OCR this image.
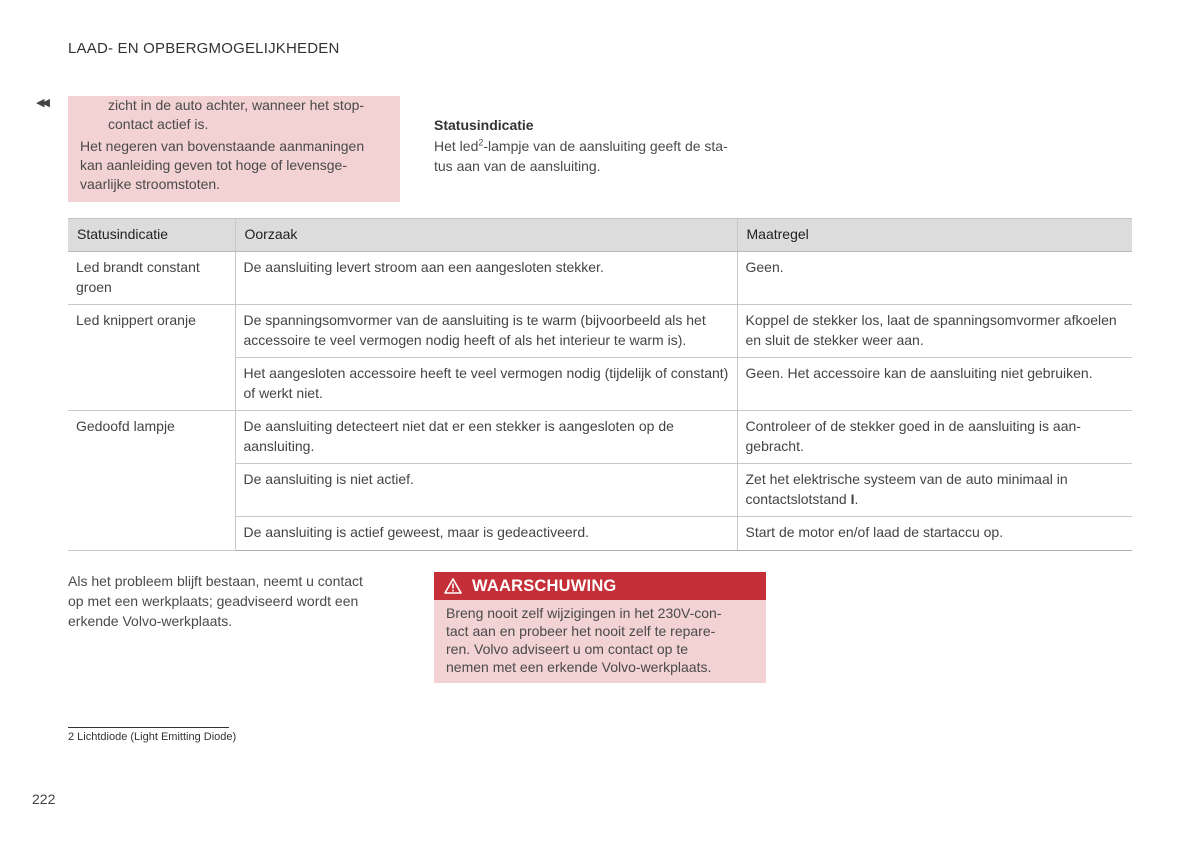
LAAD- EN OPBERGMOGELIJKHEDEN
◀◀	zicht in de auto achter, wanneer het stop-
contact actief is.
Het negeren van bovenstaande aanmaningen
kan aanleiding geven tot hoge of levensge-
vaarlijke stroomstoten.
Statusindicatie
Het led$^2$-lampje van de aansluiting geeft de sta-
tus aan van de aansluiting.
Statusindicatie	Oorzaak	Maatregel
Led brandt constant groen	De aansluiting levert stroom aan een aangesloten stekker.	Geen.
Led knippert oranje	De spanningsomvormer van de aansluiting is te warm (bijvoorbeeld als het accessoire te veel vermogen nodig heeft of als het interieur te warm is).	Koppel de stekker los, laat de spanningsomvormer afkoelen en sluit de stekker weer aan.
	Het aangesloten accessoire heeft te veel vermogen nodig (tijdelijk of constant) of werkt niet.	Geen. Het accessoire kan de aansluiting niet gebruiken.
Gedoofd lampje	De aansluiting detecteert niet dat er een stekker is aangesloten op de aansluiting.	Controleer of de stekker goed in de aansluiting is aan-gebracht.
	De aansluiting is niet actief.	Zet het elektrische systeem van de auto minimaal in contactslotstand I.
	De aansluiting is actief geweest, maar is gedeactiveerd.	Start de motor en/of laad de startaccu op.
Als het probleem blijft bestaan, neemt u contact
op met een werkplaats; geadviseerd wordt een
erkende Volvo-werkplaats.
WAARSCHUWING
Breng nooit zelf wijzigingen in het 230V-con-
tact aan en probeer het nooit zelf te repare-
ren. Volvo adviseert u om contact op te
nemen met een erkende Volvo-werkplaats.
2 Lichtdiode (Light Emitting Diode)
222
